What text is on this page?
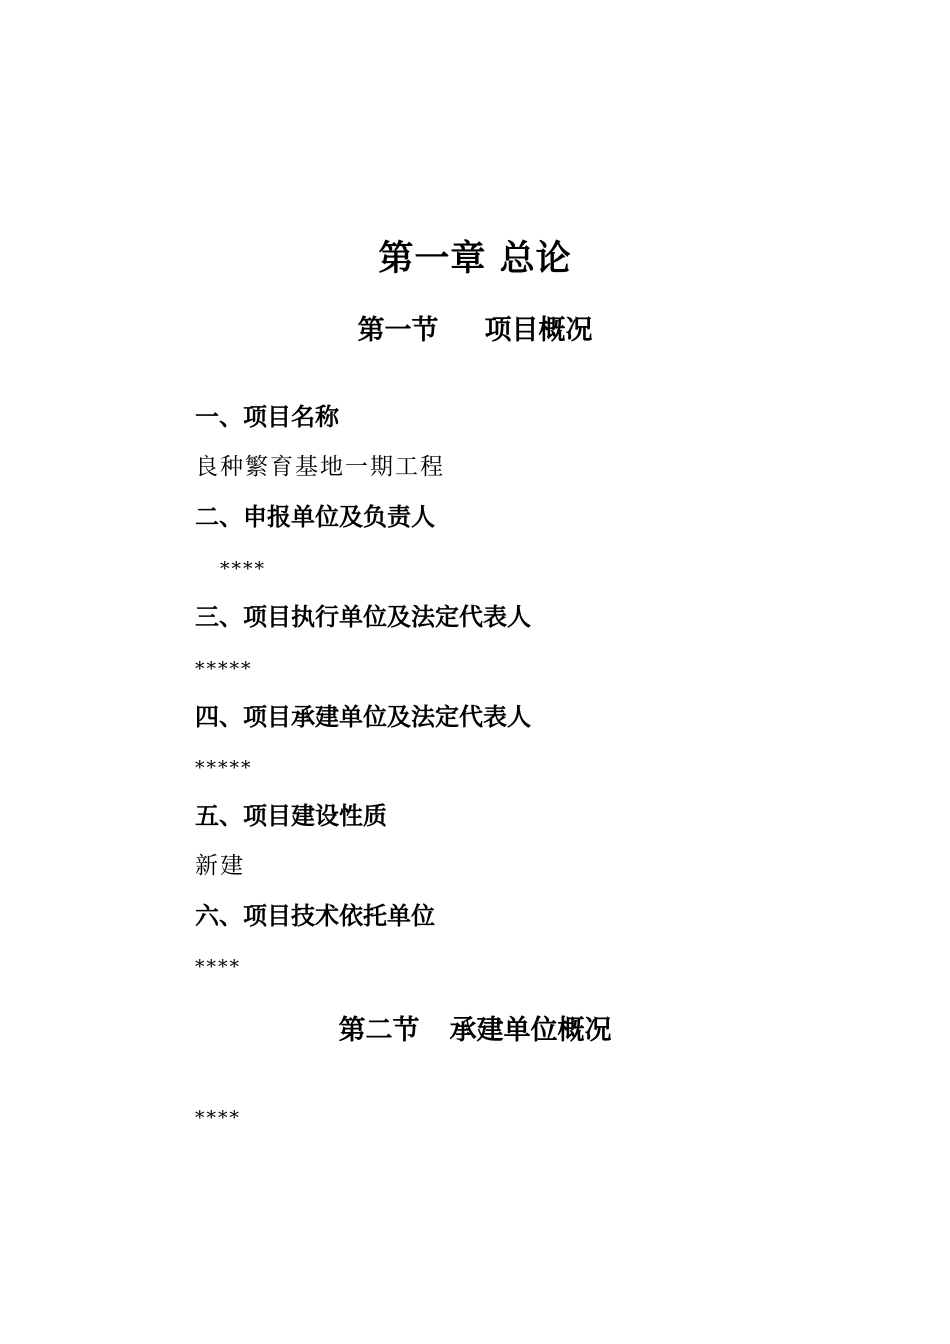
第一章 总论
第一节 项目概况
一、项目名称
良种繁育基地一期工程
二、申报单位及负责人
****
三、项目执行单位及法定代表人
*****
四、项目承建单位及法定代表人
*****
五、项目建设性质
新建
六、项目技术依托单位
****
第二节 承建单位概况
****
